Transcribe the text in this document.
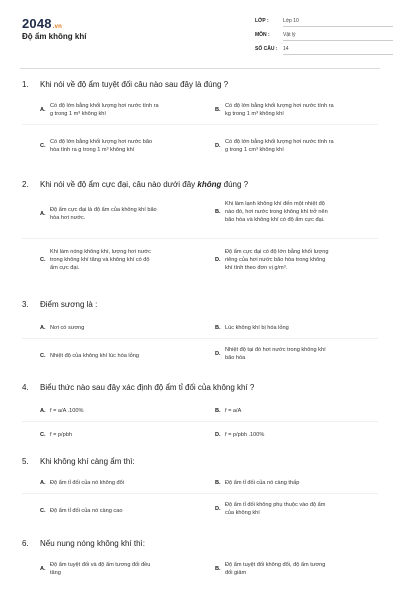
2048.vn
Độ ẩm không khí
LỚP :	Lớp 10
MÔN :	Vật lý
SỐ CÂU :	14
1.	Khi nói về độ ẩm tuyệt đối câu nào sau đây là đúng ?
A.
Có độ lớn bằng khối lượng hơi nước tính ra
g trong 1 m³ không khí
B.
Có độ lớn bằng khối lượng hơi nước tính ra
kg trong 1 m³ không khí
C.
Có độ lớn bằng khối lượng hơi nước bão
hòa tính ra g trong 1 m³ không khí
D.
Có độ lớn bằng khối lượng hơi nước tính ra
g trong 1 cm³ không khí
2.	Khi nói về độ ẩm cực đại, câu nào dưới đây không đúng ?
A.
Độ ẩm cực đại là độ ẩm của không khí bão
hòa hơi nước.
B.
Khi làm lạnh không khí đến một nhiệt độ
nào đó, hơi nước trong không khí trở nên
bão hòa và không khí có độ ẩm cực đại.
C.
Khi làm nóng không khí, lượng hơi nước
trong không khí tăng và không khí có độ
ẩm cực đại.
D.
Độ ẩm cực đại có độ lớn bằng khối lượng
riêng của hơi nước bão hòa trong không
khí tính theo đơn vị g/m³.
3.	Điểm sương là :
A. Nơi có sương	B. Lúc không khí bị hóa lỏng
C. Nhiệt độ của không khí lúc hóa lỏng	D.
Nhiệt độ tại đó hơi nước trong không khí
bão hòa
4.	Biểu thức nào sau đây xác định độ ẩm tỉ đối của không khí ?
A. f = a/A .100%	B. f = a/A
C. f = p/pbh	D. f = p/pbh .100%
5.	Khi không khí càng ẩm thì:
A. Độ ẩm tỉ đối của nó không đổi	B. Độ ẩm tỉ đối của nó càng thấp
C. Độ ẩm tỉ đối của nó càng cao	D.
Độ ẩm tỉ đối không phụ thuộc vào độ ẩm
của không khí
6.	Nếu nung nóng không khí thì:
A.
Độ ẩm tuyệt đối và độ ẩm tương đối đều
tăng
B.
Độ ẩm tuyệt đối không đổi, độ ẩm tương
đối giảm
